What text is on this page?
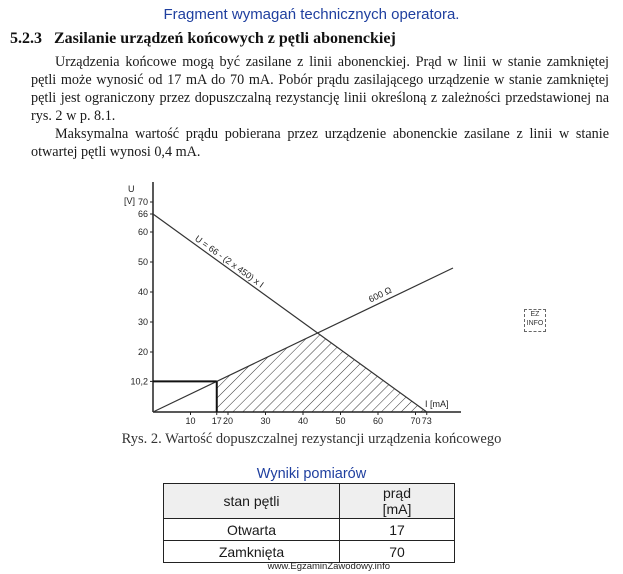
Fragment wymagań technicznych operatora.
5.2.3 Zasilanie urządzeń końcowych z pętli abonenckiej
Urządzenia końcowe mogą być zasilane z linii abonenckiej. Prąd w linii w stanie zamkniętej pętli może wynosić od 17 mA do 70 mA. Pobór prądu zasilającego urządzenie w stanie zamkniętej pętli jest ograniczony przez dopuszczalną rezystancję linii określoną z zależności przedstawionej na rys. 2 w p. 8.1.
Maksymalna wartość prądu pobierana przez urządzenie abonenckie zasilane z linii w stanie otwartej pętli wynosi 0,4 mA.
U
[V]
I [mA]
70
66
60
50
40
30
20
10,2
10 17 20	30	40	50	60	70 73
U = 66 - (2 x 450) x I
600 Ω
Rys. 2. Wartość dopuszczalnej rezystancji urządzenia końcowego
EZ
INFO
Wyniki pomiarów
stan pętli	prąd
[mA]
Otwarta	17
Zamknięta	70
www.EgzaminZawodowy.info
